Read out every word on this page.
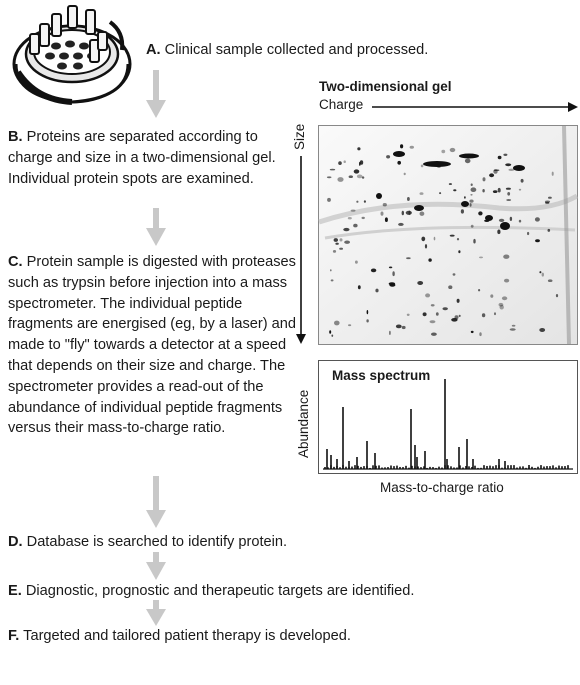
A. Clinical sample collected and processed.

B. Proteins are separated according to charge and size in a two-dimensional gel. Individual protein spots are examined.

C. Protein sample is digested with proteases such as trypsin before injection into a mass spectrometer. The individual peptide fragments are energised (eg, by a laser) and made to "fly" towards a detector at a speed that depends on their size and charge. The spectrometer provides a read-out of the abundance of individual peptide fragments versus their mass-to-charge ratio.

D. Database is searched to identify protein.

E. Diagnostic, prognostic and therapeutic targets are identified.

F. Targeted and tailored patient therapy is developed.

Two-dimensional gel
Charge
Size
Mass spectrum
Abundance
Mass-to-charge ratio
